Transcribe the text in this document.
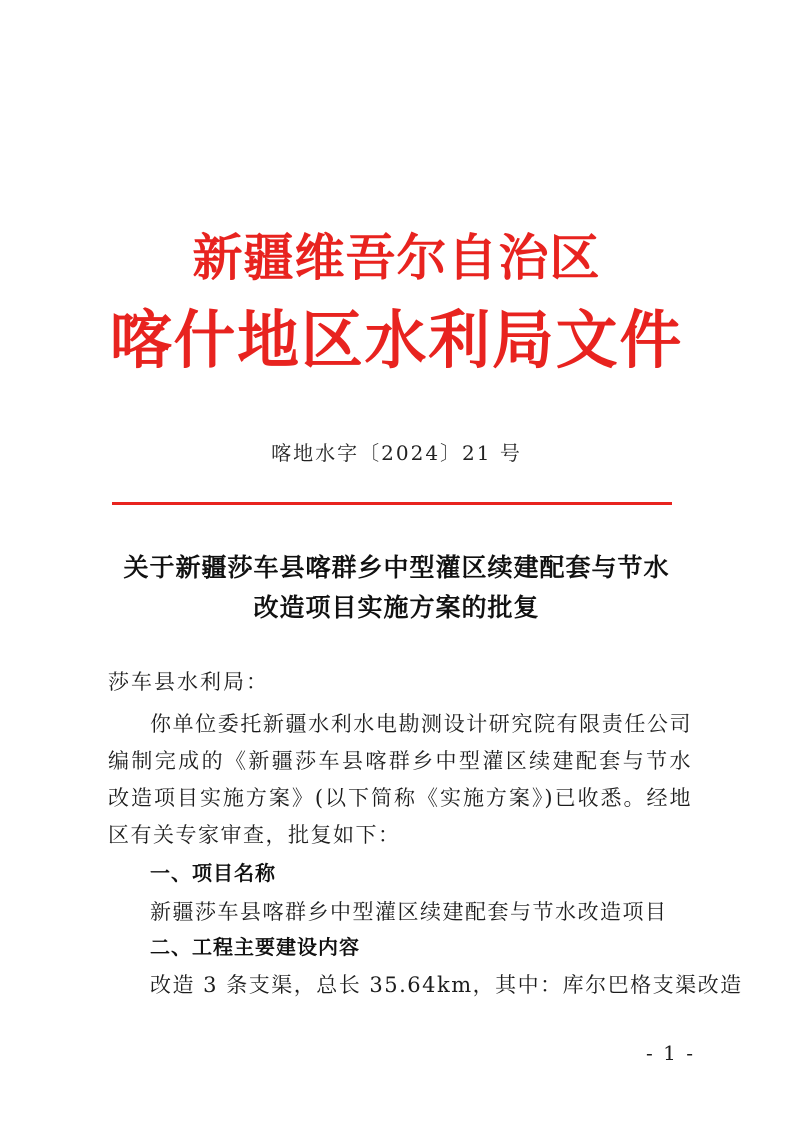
新疆维吾尔自治区
喀什地区水利局文件
喀地水字〔2024〕21 号
关于新疆莎车县喀群乡中型灌区续建配套与节水
改造项目实施方案的批复
莎车县水利局：
你单位委托新疆水利水电勘测设计研究院有限责任公司编制完成的《新疆莎车县喀群乡中型灌区续建配套与节水改造项目实施方案》(以下简称《实施方案》)已收悉。经地区有关专家审查，批复如下：
一、项目名称
新疆莎车县喀群乡中型灌区续建配套与节水改造项目
二、工程主要建设内容
改造 3 条支渠，总长 35.64km，其中：库尔巴格支渠改造
- 1 -
